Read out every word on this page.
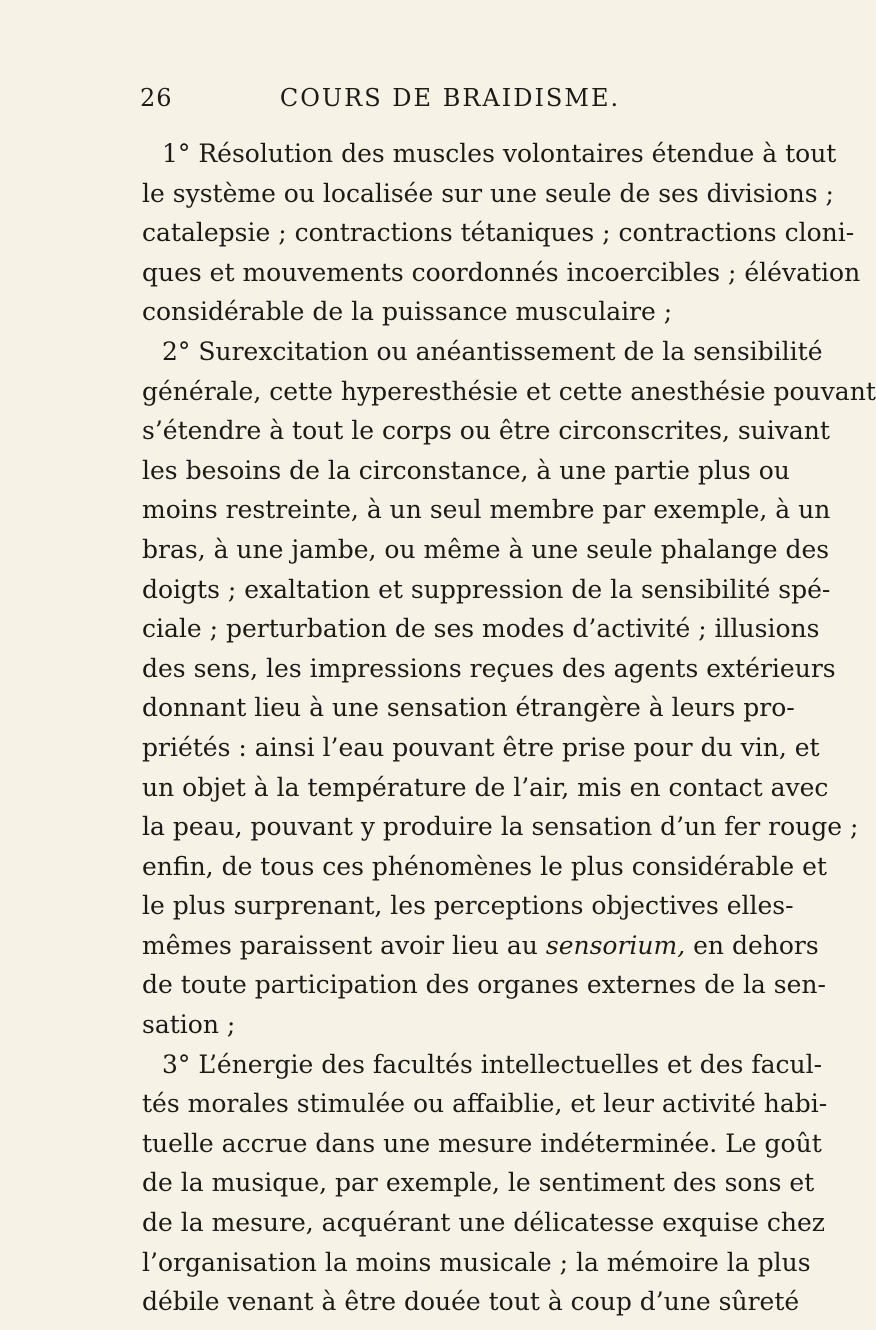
26	COURS DE BRAIDISME.
1° Résolution des muscles volontaires étendue à tout
le système ou localisée sur une seule de ses divisions ;
catalepsie ; contractions tétaniques ; contractions cloni-
ques et mouvements coordonnés incoercibles ; élévation
considérable de la puissance musculaire ;
2° Surexcitation ou anéantissement de la sensibilité
générale, cette hyperesthésie et cette anesthésie pouvant
s’étendre à tout le corps ou être circonscrites, suivant
les besoins de la circonstance, à une partie plus ou
moins restreinte, à un seul membre par exemple, à un
bras, à une jambe, ou même à une seule phalange des
doigts ; exaltation et suppression de la sensibilité spé-
ciale ; perturbation de ses modes d’activité ; illusions
des sens, les impressions reçues des agents extérieurs
donnant lieu à une sensation étrangère à leurs pro-
priétés : ainsi l’eau pouvant être prise pour du vin, et
un objet à la température de l’air, mis en contact avec
la peau, pouvant y produire la sensation d’un fer rouge ;
enfin, de tous ces phénomènes le plus considérable et
le plus surprenant, les perceptions objectives elles-
mêmes paraissent avoir lieu au sensorium, en dehors
de toute participation des organes externes de la sen-
sation ;
3° L’énergie des facultés intellectuelles et des facul-
tés morales stimulée ou affaiblie, et leur activité habi-
tuelle accrue dans une mesure indéterminée. Le goût
de la musique, par exemple, le sentiment des sons et
de la mesure, acquérant une délicatesse exquise chez
l’organisation la moins musicale ; la mémoire la plus
débile venant à être douée tout à coup d’une sûreté
